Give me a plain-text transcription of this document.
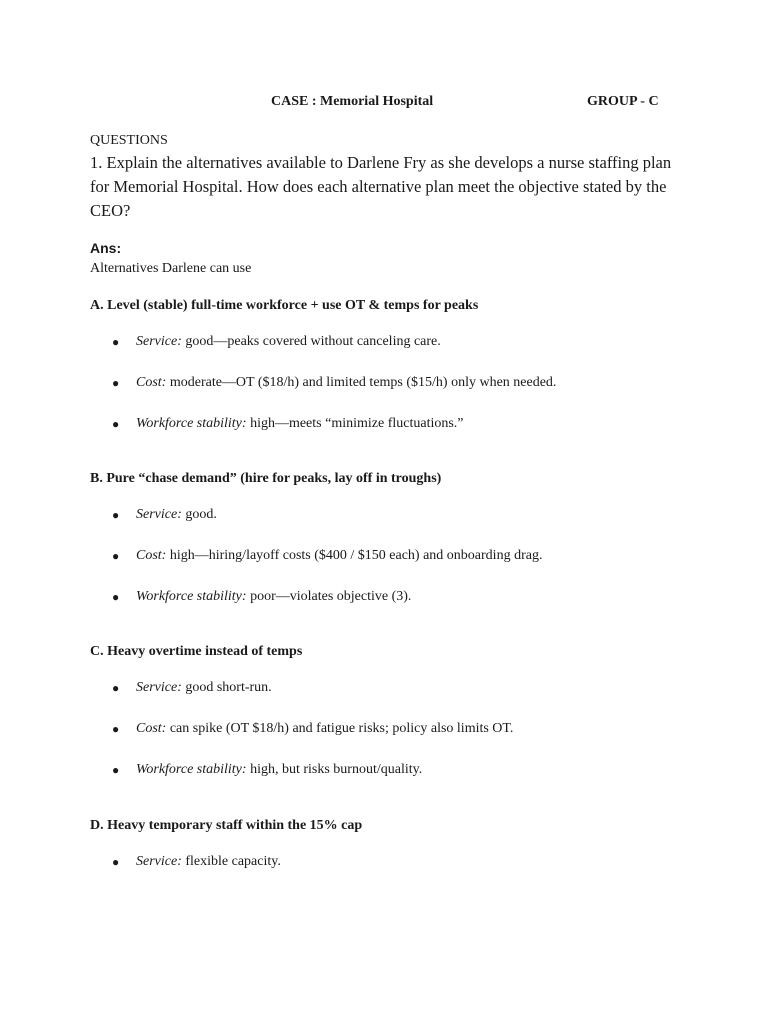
CASE : Memorial Hospital	GROUP - C

QUESTIONS

1. Explain the alternatives available to Darlene Fry as she develops a nurse staffing plan for Memorial Hospital. How does each alternative plan meet the objective stated by the CEO?

Ans:

Alternatives Darlene can use

A. Level (stable) full-time workforce + use OT & temps for peaks

● Service: good—peaks covered without canceling care.
● Cost: moderate—OT ($18/h) and limited temps ($15/h) only when needed.
● Workforce stability: high—meets “minimize fluctuations.”

B. Pure “chase demand” (hire for peaks, lay off in troughs)

● Service: good.
● Cost: high—hiring/layoff costs ($400 / $150 each) and onboarding drag.
● Workforce stability: poor—violates objective (3).

C. Heavy overtime instead of temps

● Service: good short-run.
● Cost: can spike (OT $18/h) and fatigue risks; policy also limits OT.
● Workforce stability: high, but risks burnout/quality.

D. Heavy temporary staff within the 15% cap

● Service: flexible capacity.
